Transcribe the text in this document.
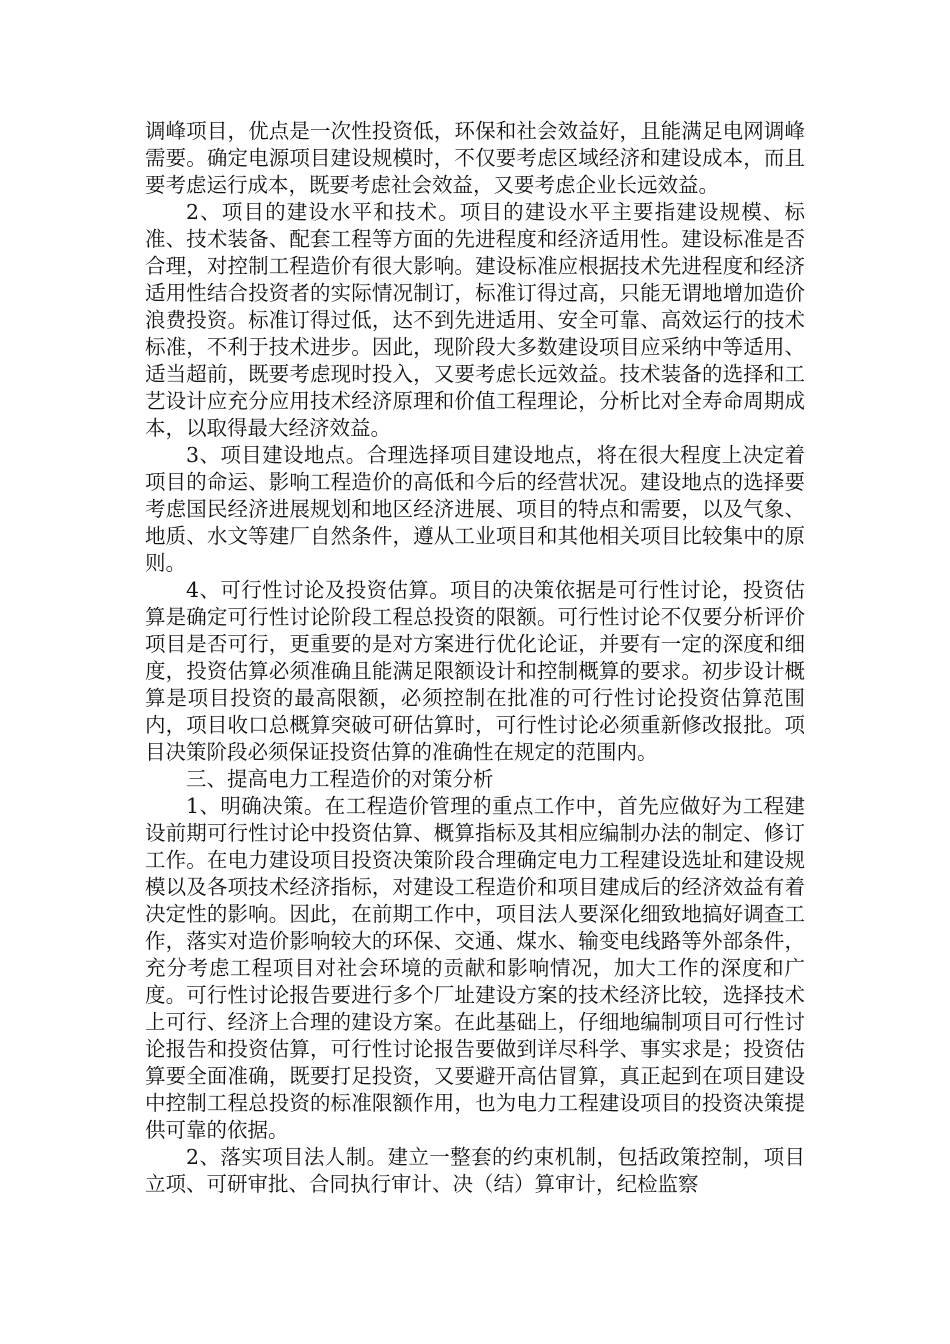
调峰项目，优点是一次性投资低，环保和社会效益好，且能满足电网调峰需要。确定电源项目建设规模时，不仅要考虑区域经济和建设成本，而且要考虑运行成本，既要考虑社会效益，又要考虑企业长远效益。

2、项目的建设水平和技术。项目的建设水平主要指建设规模、标准、技术装备、配套工程等方面的先进程度和经济适用性。建设标准是否合理，对控制工程造价有很大影响。建设标准应根据技术先进程度和经济适用性结合投资者的实际情况制订，标准订得过高，只能无谓地增加造价浪费投资。标准订得过低，达不到先进适用、安全可靠、高效运行的技术标准，不利于技术进步。因此，现阶段大多数建设项目应采纳中等适用、适当超前，既要考虑现时投入，又要考虑长远效益。技术装备的选择和工艺设计应充分应用技术经济原理和价值工程理论，分析比对全寿命周期成本，以取得最大经济效益。

3、项目建设地点。合理选择项目建设地点，将在很大程度上决定着项目的命运、影响工程造价的高低和今后的经营状况。建设地点的选择要考虑国民经济进展规划和地区经济进展、项目的特点和需要，以及气象、地质、水文等建厂自然条件，遵从工业项目和其他相关项目比较集中的原则。

4、可行性讨论及投资估算。项目的决策依据是可行性讨论，投资估算是确定可行性讨论阶段工程总投资的限额。可行性讨论不仅要分析评价项目是否可行，更重要的是对方案进行优化论证，并要有一定的深度和细度，投资估算必须准确且能满足限额设计和控制概算的要求。初步设计概算是项目投资的最高限额，必须控制在批准的可行性讨论投资估算范围内，项目收口总概算突破可研估算时，可行性讨论必须重新修改报批。项目决策阶段必须保证投资估算的准确性在规定的范围内。

三、提高电力工程造价的对策分析

1、明确决策。在工程造价管理的重点工作中，首先应做好为工程建设前期可行性讨论中投资估算、概算指标及其相应编制办法的制定、修订工作。在电力建设项目投资决策阶段合理确定电力工程建设选址和建设规模以及各项技术经济指标，对建设工程造价和项目建成后的经济效益有着决定性的影响。因此，在前期工作中，项目法人要深化细致地搞好调查工作，落实对造价影响较大的环保、交通、煤水、输变电线路等外部条件，充分考虑工程项目对社会环境的贡献和影响情况，加大工作的深度和广度。可行性讨论报告要进行多个厂址建设方案的技术经济比较，选择技术上可行、经济上合理的建设方案。在此基础上，仔细地编制项目可行性讨论报告和投资估算，可行性讨论报告要做到详尽科学、事实求是；投资估算要全面准确，既要打足投资，又要避开高估冒算，真正起到在项目建设中控制工程总投资的标准限额作用，也为电力工程建设项目的投资决策提供可靠的依据。

2、落实项目法人制。建立一整套的约束机制，包括政策控制，项目立项、可研审批、合同执行审计、决（结）算审计，纪检监察
